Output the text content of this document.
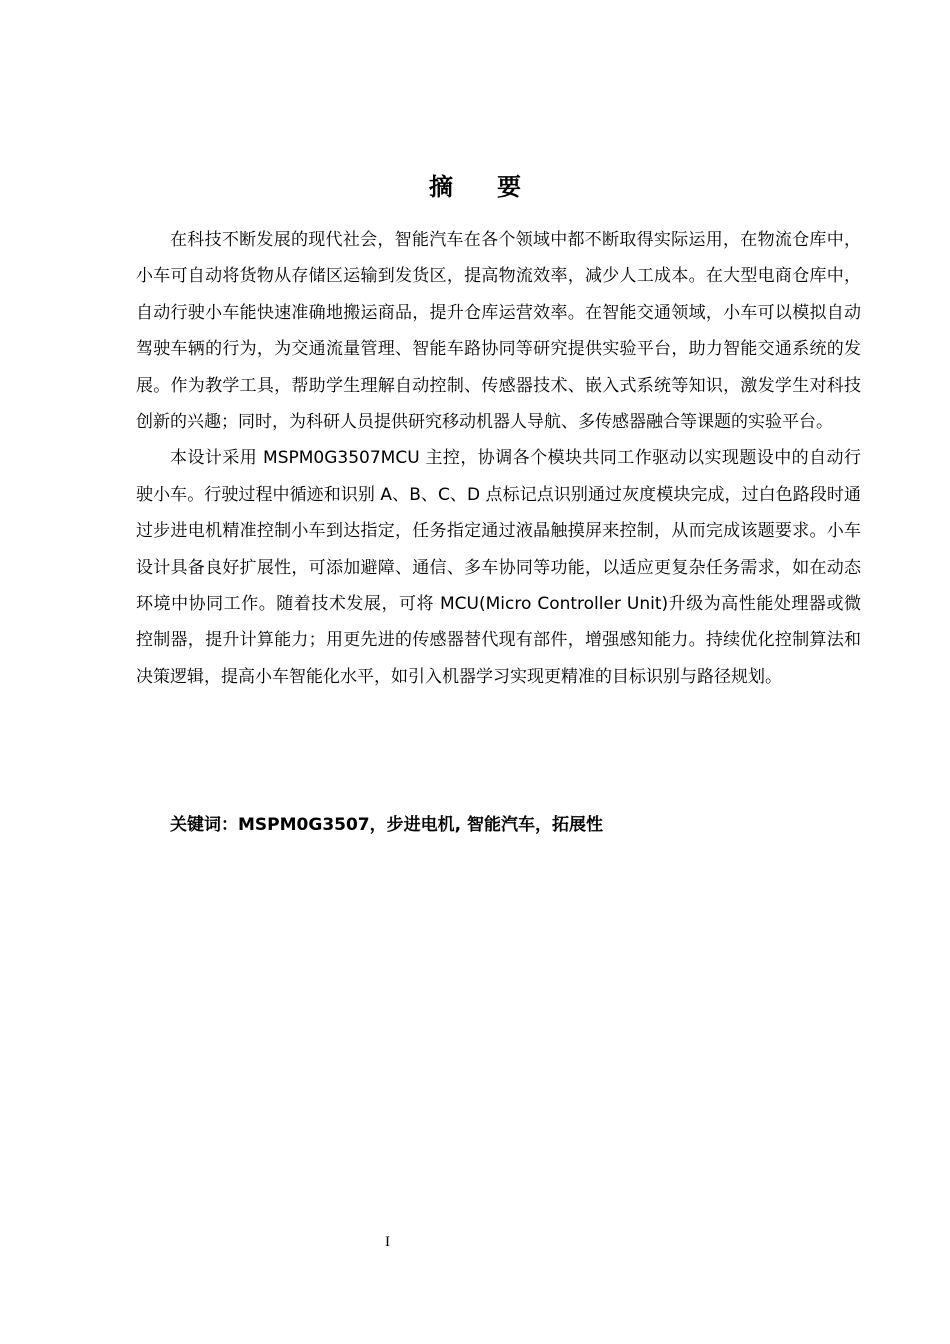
摘 要

在科技不断发展的现代社会，智能汽车在各个领域中都不断取得实际运用，在物流仓库中，小车可自动将货物从存储区运输到发货区，提高物流效率，减少人工成本。在大型电商仓库中，自动行驶小车能快速准确地搬运商品，提升仓库运营效率。在智能交通领域，小车可以模拟自动驾驶车辆的行为，为交通流量管理、智能车路协同等研究提供实验平台，助力智能交通系统的发展。作为教学工具，帮助学生理解自动控制、传感器技术、嵌入式系统等知识，激发学生对科技创新的兴趣；同时，为科研人员提供研究移动机器人导航、多传感器融合等课题的实验平台。

本设计采用 MSPM0G3507MCU 主控，协调各个模块共同工作驱动以实现题设中的自动行驶小车。行驶过程中循迹和识别 A、B、C、D 点标记点识别通过灰度模块完成，过白色路段时通过步进电机精准控制小车到达指定，任务指定通过液晶触摸屏来控制，从而完成该题要求。小车设计具备良好扩展性，可添加避障、通信、多车协同等功能，以适应更复杂任务需求，如在动态环境中协同工作。随着技术发展，可将 MCU(Micro Controller Unit)升级为高性能处理器或微控制器，提升计算能力；用更先进的传感器替代现有部件，增强感知能力。持续优化控制算法和决策逻辑，提高小车智能化水平，如引入机器学习实现更精准的目标识别与路径规划。

关键词：MSPM0G3507，步进电机, 智能汽车，拓展性
I
